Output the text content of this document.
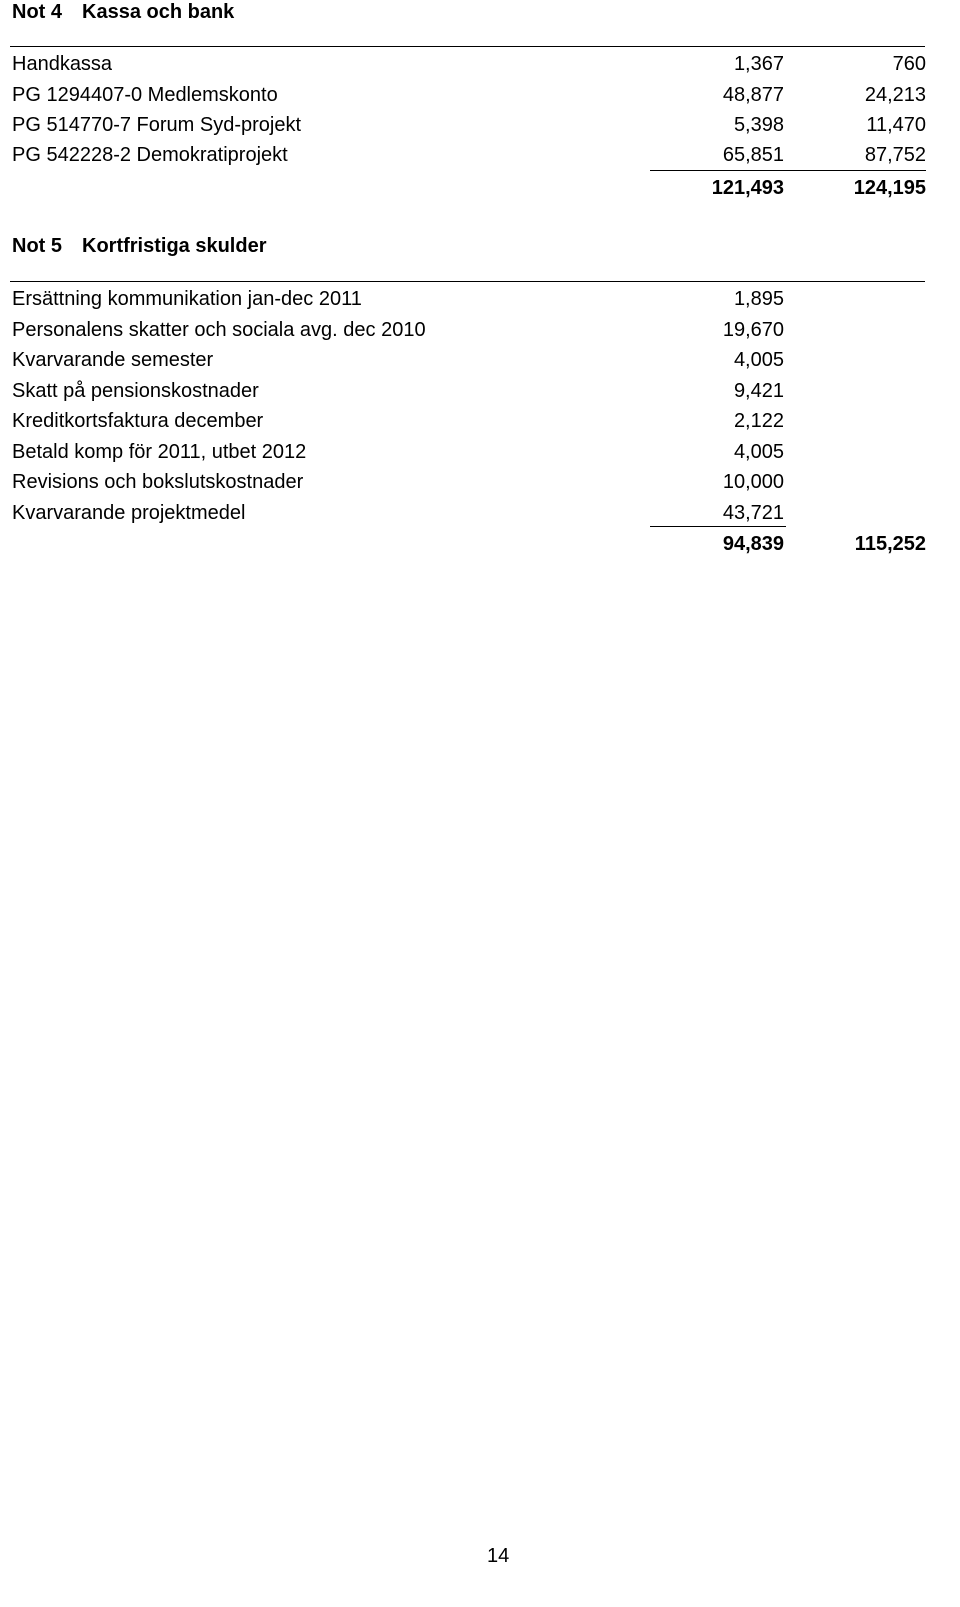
Not 4 Kassa och bank
Handkassa	1,367	760
PG 1294407-0 Medlemskonto	48,877	24,213
PG 514770-7 Forum Syd-projekt	5,398	11,470
PG 542228-2 Demokratiprojekt	65,851	87,752
121,493	124,195
Not 5 Kortfristiga skulder
Ersättning kommunikation jan-dec 2011	1,895
Personalens skatter och sociala avg. dec 2010	19,670
Kvarvarande semester	4,005
Skatt på pensionskostnader	9,421
Kreditkortsfaktura december	2,122
Betald komp för 2011, utbet 2012	4,005
Revisions och bokslutskostnader	10,000
Kvarvarande projektmedel	43,721
94,839	115,252
14
